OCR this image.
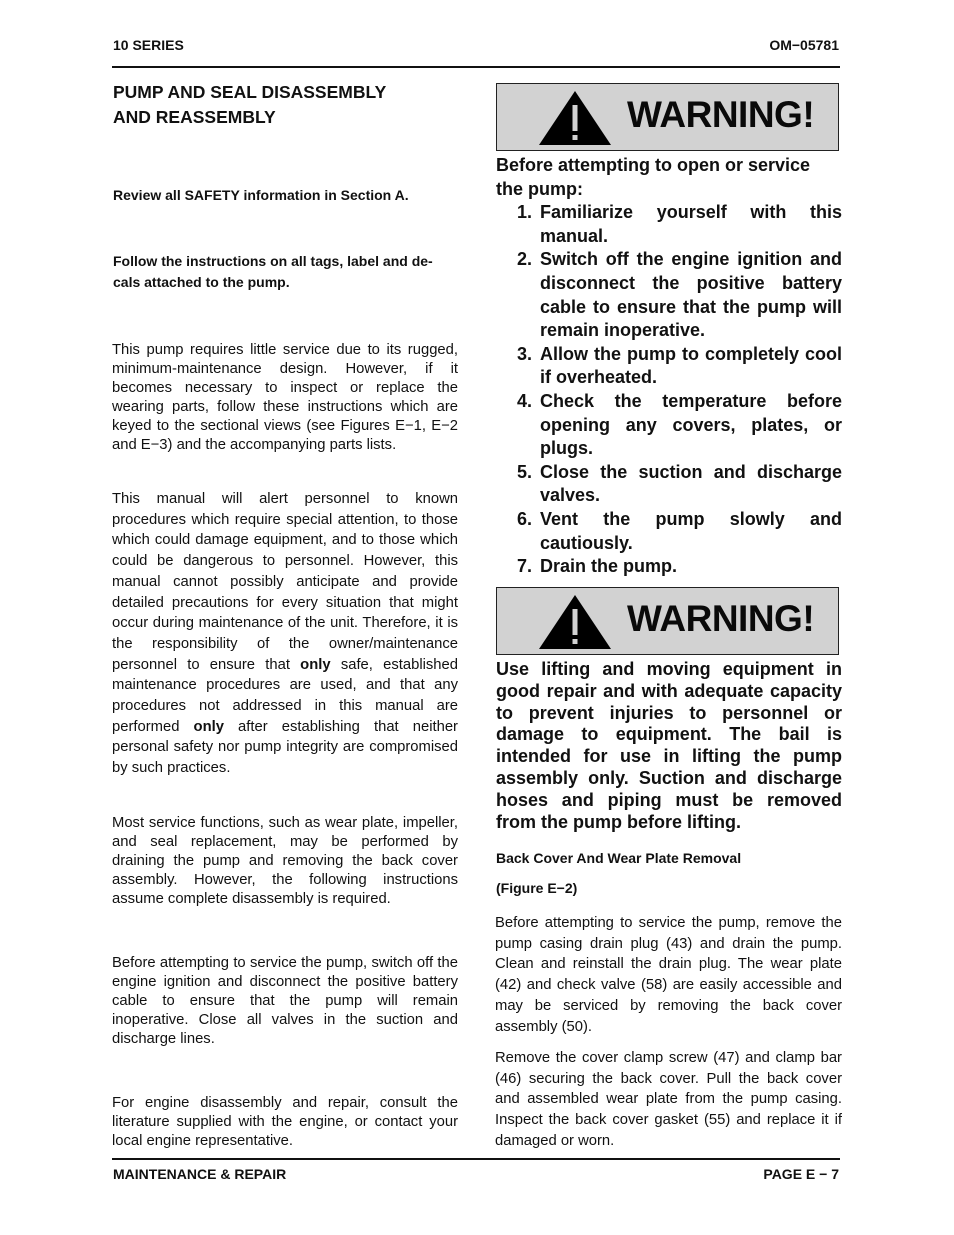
10 SERIES	OM−05781
PUMP AND SEAL DISASSEMBLY
AND REASSEMBLY
Review all SAFETY information in Section A.
Follow the instructions on all tags, label and de-
cals attached to the pump.

This pump requires little service due to its rugged, minimum-maintenance design. However, if it becomes necessary to inspect or replace the wearing parts, follow these instructions which are keyed to the sectional views (see Figures E−1, E−2 and E−3) and the accompanying parts lists.

This manual will alert personnel to known procedures which require special attention, to those which could damage equipment, and to those which could be dangerous to personnel. However, this manual cannot possibly anticipate and provide detailed precautions for every situation that might occur during maintenance of the unit. Therefore, it is the responsibility of the owner/maintenance personnel to ensure that only safe, established maintenance procedures are used, and that any procedures not addressed in this manual are performed only after establishing that neither personal safety nor pump integrity are compromised by such practices.

Most service functions, such as wear plate, impeller, and seal replacement, may be performed by draining the pump and removing the back cover assembly. However, the following instructions assume complete disassembly is required.

Before attempting to service the pump, switch off the engine ignition and disconnect the positive battery cable to ensure that the pump will remain inoperative. Close all valves in the suction and discharge lines.

For engine disassembly and repair, consult the literature supplied with the engine, or contact your local engine representative.

WARNING!
Before attempting to open or service the pump:
1. Familiarize yourself with this manual.
2. Switch off the engine ignition and disconnect the positive battery cable to ensure that the pump will remain inoperative.
3. Allow the pump to completely cool if overheated.
4. Check the temperature before opening any covers, plates, or plugs.
5. Close the suction and discharge valves.
6. Vent the pump slowly and cautiously.
7. Drain the pump.
WARNING!
Use lifting and moving equipment in good repair and with adequate capacity to prevent injuries to personnel or damage to equipment. The bail is intended for use in lifting the pump assembly only. Suction and discharge hoses and piping must be removed from the pump before lifting.
Back Cover And Wear Plate Removal
(Figure E−2)

Before attempting to service the pump, remove the pump casing drain plug (43) and drain the pump. Clean and reinstall the drain plug. The wear plate (42) and check valve (58) are easily accessible and may be serviced by removing the back cover assembly (50).

Remove the cover clamp screw (47) and clamp bar (46) securing the back cover. Pull the back cover and assembled wear plate from the pump casing. Inspect the back cover gasket (55) and replace it if damaged or worn.

MAINTENANCE & REPAIR	PAGE E − 7
